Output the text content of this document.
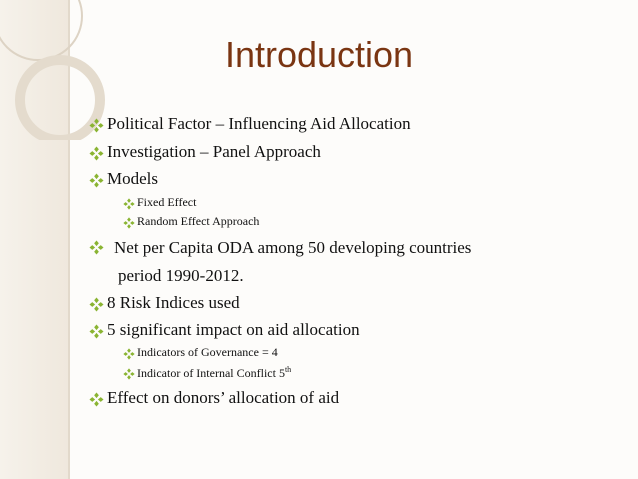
Introduction
Political Factor – Influencing Aid Allocation
Investigation – Panel Approach
Models
Fixed Effect
Random Effect Approach
Net per Capita ODA among 50 developing countries
period 1990-2012.
8 Risk Indices used
5 significant impact on aid allocation
Indicators of Governance = 4
Indicator of Internal Conflict 5th
Effect on donors’ allocation of aid
